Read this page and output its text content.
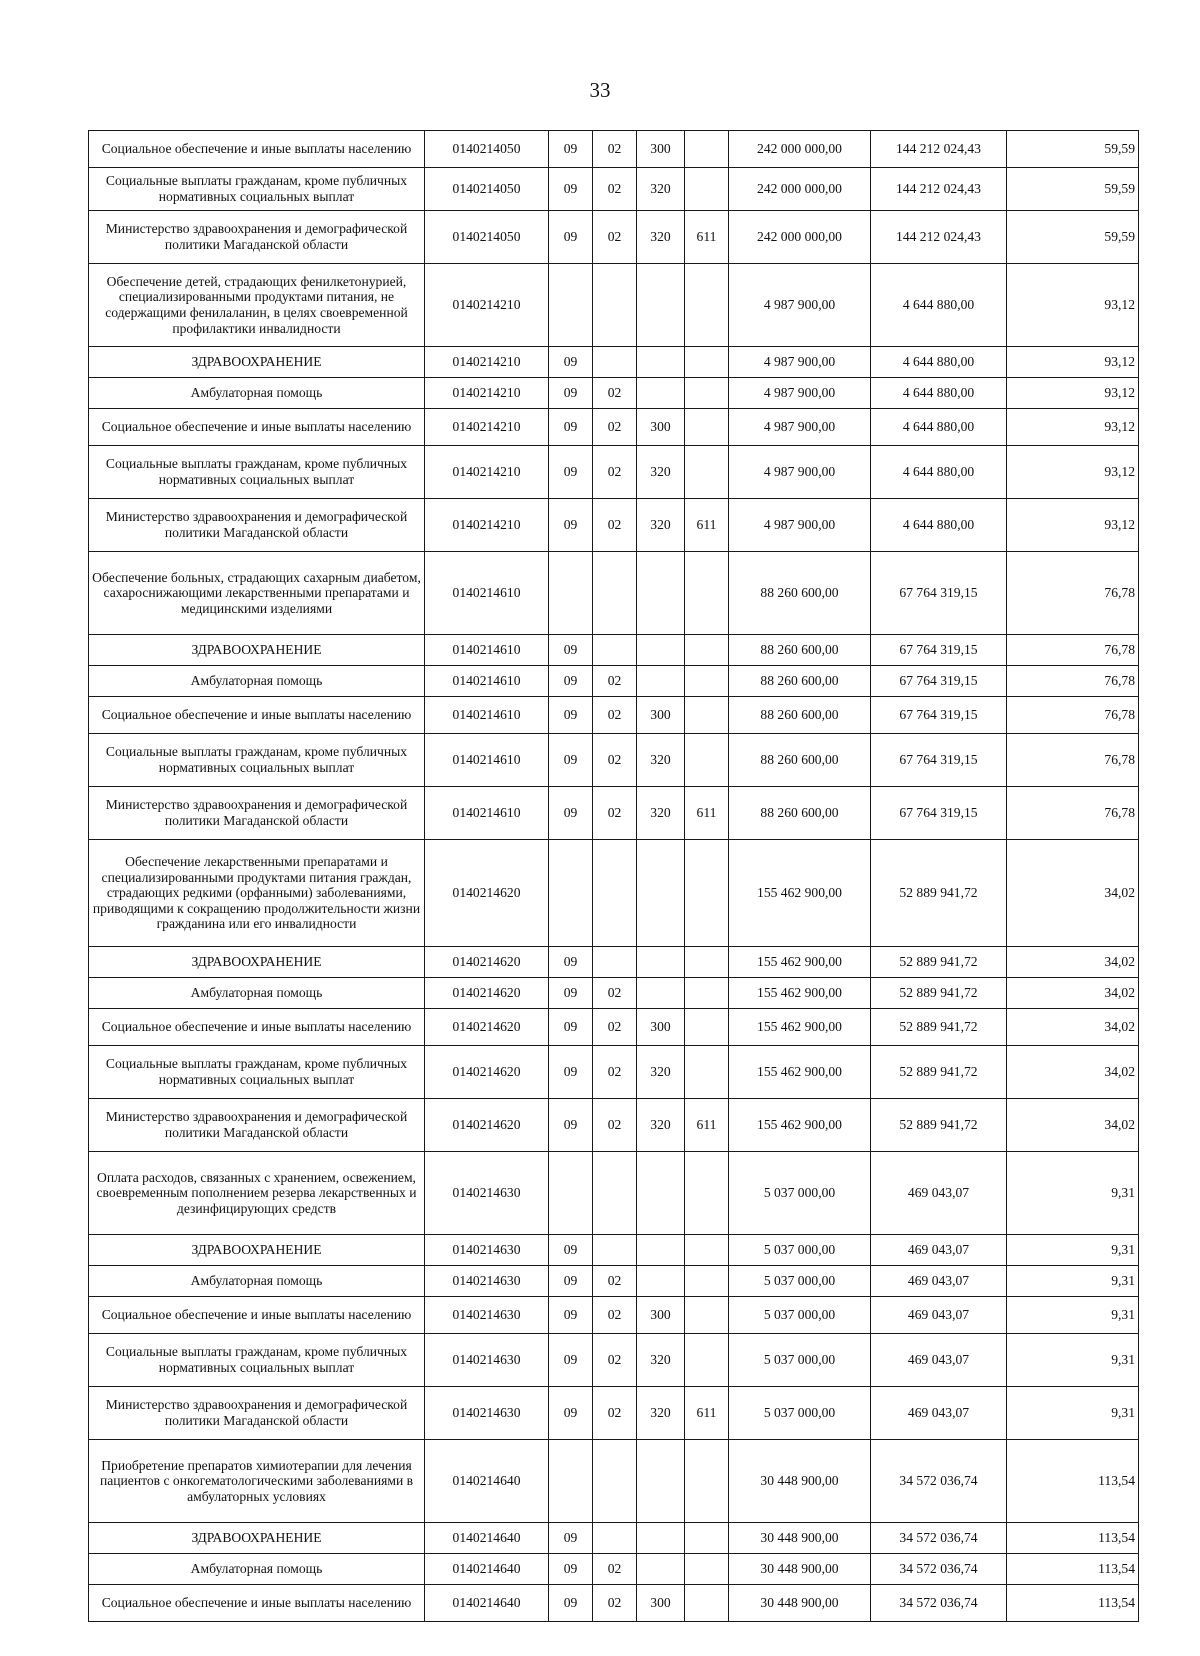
33
Социальное обеспечение и иные выплаты населению	0140214050	09	02	300		242 000 000,00	144 212 024,43	59,59
Социальные выплаты гражданам, кроме публичных нормативных социальных выплат	0140214050	09	02	320		242 000 000,00	144 212 024,43	59,59
Министерство здравоохранения и демографической политики Магаданской области	0140214050	09	02	320	611	242 000 000,00	144 212 024,43	59,59
Обеспечение детей, страдающих фенилкетонурией, специализированными продуктами питания, не содержащими фенилаланин, в целях своевременной профилактики инвалидности	0140214210					4 987 900,00	4 644 880,00	93,12
ЗДРАВООХРАНЕНИЕ	0140214210	09				4 987 900,00	4 644 880,00	93,12
Амбулаторная помощь	0140214210	09	02			4 987 900,00	4 644 880,00	93,12
Социальное обеспечение и иные выплаты населению	0140214210	09	02	300		4 987 900,00	4 644 880,00	93,12
Социальные выплаты гражданам, кроме публичных нормативных социальных выплат	0140214210	09	02	320		4 987 900,00	4 644 880,00	93,12
Министерство здравоохранения и демографической политики Магаданской области	0140214210	09	02	320	611	4 987 900,00	4 644 880,00	93,12
Обеспечение больных, страдающих сахарным диабетом, сахароснижающими лекарственными препаратами и медицинскими изделиями	0140214610					88 260 600,00	67 764 319,15	76,78
ЗДРАВООХРАНЕНИЕ	0140214610	09				88 260 600,00	67 764 319,15	76,78
Амбулаторная помощь	0140214610	09	02			88 260 600,00	67 764 319,15	76,78
Социальное обеспечение и иные выплаты населению	0140214610	09	02	300		88 260 600,00	67 764 319,15	76,78
Социальные выплаты гражданам, кроме публичных нормативных социальных выплат	0140214610	09	02	320		88 260 600,00	67 764 319,15	76,78
Министерство здравоохранения и демографической политики Магаданской области	0140214610	09	02	320	611	88 260 600,00	67 764 319,15	76,78
Обеспечение лекарственными препаратами и специализированными продуктами питания граждан, страдающих редкими (орфанными) заболеваниями, приводящими к сокращению продолжительности жизни гражданина или его инвалидности	0140214620					155 462 900,00	52 889 941,72	34,02
ЗДРАВООХРАНЕНИЕ	0140214620	09				155 462 900,00	52 889 941,72	34,02
Амбулаторная помощь	0140214620	09	02			155 462 900,00	52 889 941,72	34,02
Социальное обеспечение и иные выплаты населению	0140214620	09	02	300		155 462 900,00	52 889 941,72	34,02
Социальные выплаты гражданам, кроме публичных нормативных социальных выплат	0140214620	09	02	320		155 462 900,00	52 889 941,72	34,02
Министерство здравоохранения и демографической политики Магаданской области	0140214620	09	02	320	611	155 462 900,00	52 889 941,72	34,02
Оплата расходов, связанных с хранением, освежением, своевременным пополнением резерва лекарственных и дезинфицирующих средств	0140214630					5 037 000,00	469 043,07	9,31
ЗДРАВООХРАНЕНИЕ	0140214630	09				5 037 000,00	469 043,07	9,31
Амбулаторная помощь	0140214630	09	02			5 037 000,00	469 043,07	9,31
Социальное обеспечение и иные выплаты населению	0140214630	09	02	300		5 037 000,00	469 043,07	9,31
Социальные выплаты гражданам, кроме публичных нормативных социальных выплат	0140214630	09	02	320		5 037 000,00	469 043,07	9,31
Министерство здравоохранения и демографической политики Магаданской области	0140214630	09	02	320	611	5 037 000,00	469 043,07	9,31
Приобретение препаратов химиотерапии для лечения пациентов с онкогематологическими заболеваниями в амбулаторных условиях	0140214640					30 448 900,00	34 572 036,74	113,54
ЗДРАВООХРАНЕНИЕ	0140214640	09				30 448 900,00	34 572 036,74	113,54
Амбулаторная помощь	0140214640	09	02			30 448 900,00	34 572 036,74	113,54
Социальное обеспечение и иные выплаты населению	0140214640	09	02	300		30 448 900,00	34 572 036,74	113,54
